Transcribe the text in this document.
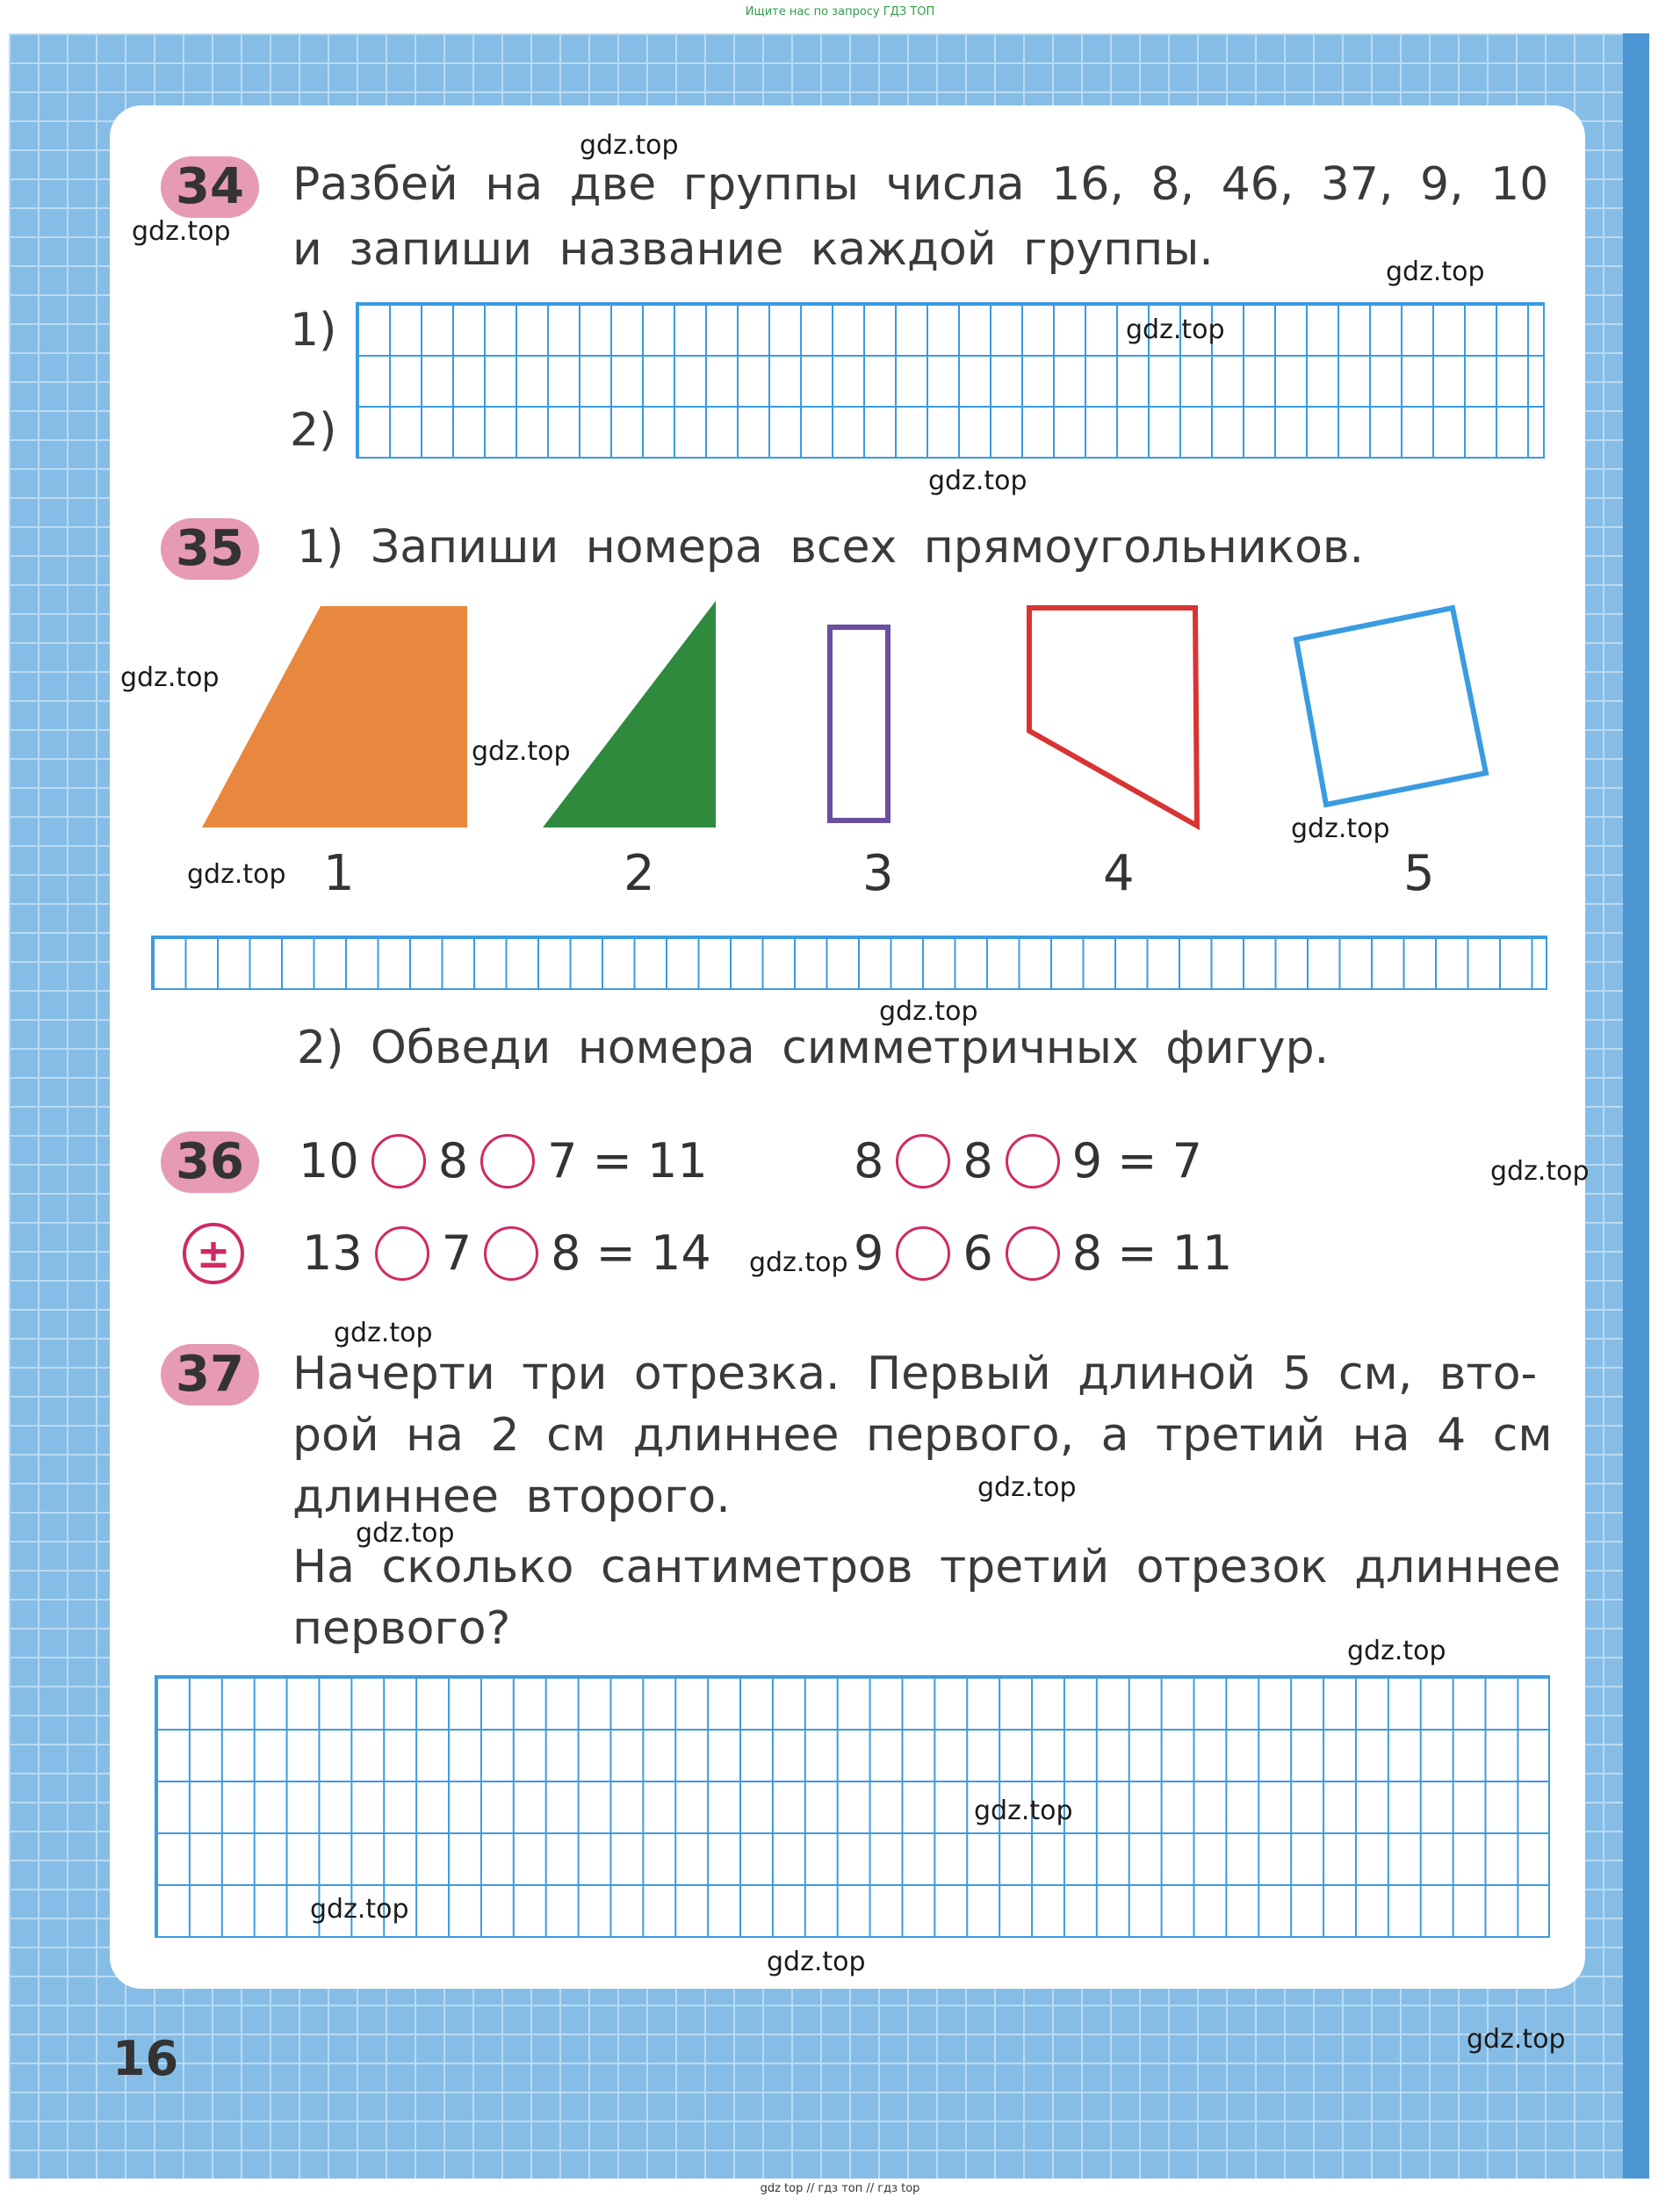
Ищите нас по запросу ГДЗ ТОП
34	Разбей на две группы числа 16, 8, 46, 37, 9, 10
и запиши название каждой группы.
1)
2)
35	1) Запиши номера всех прямоугольников.
1	2	3	4	5
2) Обведи номера симметричных фигур.
36
±
10 8 7 = 11	8 8 9 = 7
13 7 8 = 14	9 6 8 = 11
37	Начерти три отрезка. Первый длиной 5 см, вто-
рой на 2 см длиннее первого, а третий на 4 см
длиннее второго.
На сколько сантиметров третий отрезок длиннее
первого?
16
gdz.top
gdz.top
gdz.top
gdz.top
gdz.top
gdz.top
gdz.top
gdz.top
gdz.top
gdz.top
gdz.top
gdz.top
gdz.top
gdz.top
gdz.top
gdz.top
gdz.top
gdz.top
gdz.top
gdz.top
gdz top // гдз топ // гдз top
